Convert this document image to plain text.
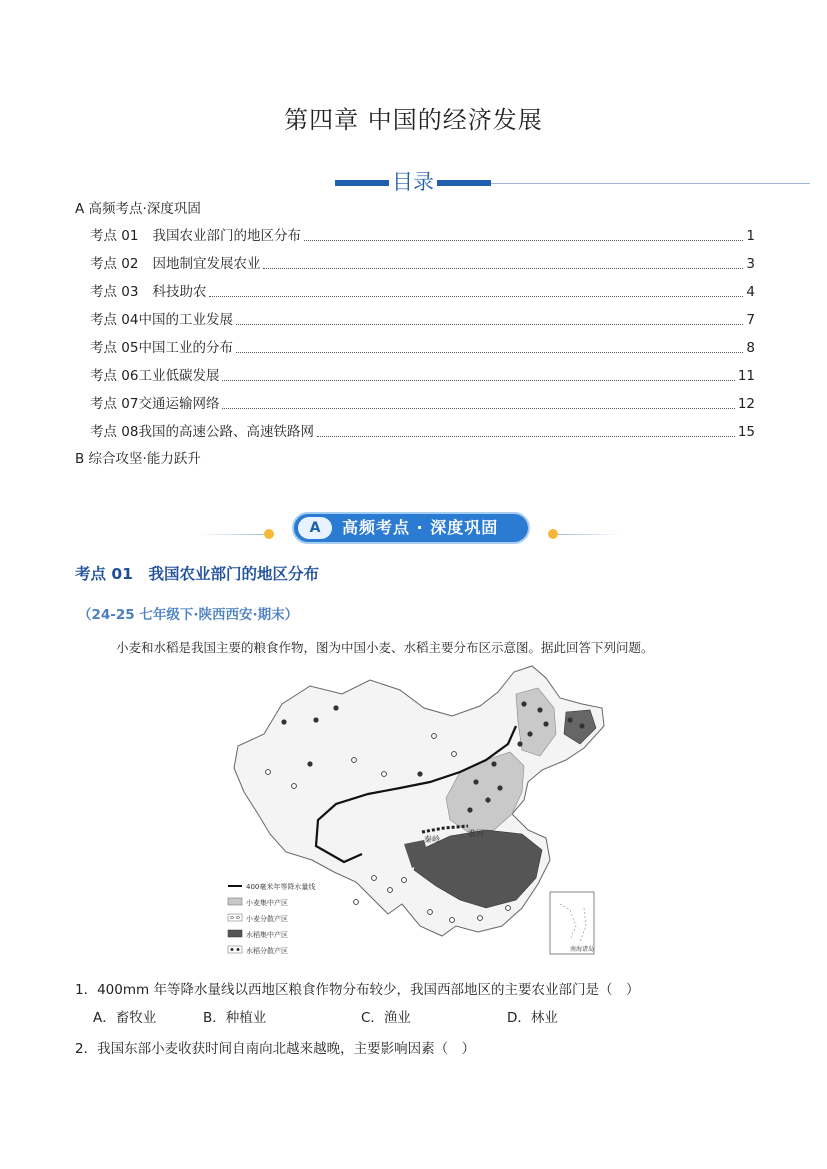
第四章 中国的经济发展
目录
A 高频考点·深度巩固
考点 01 我国农业部门的地区分布	1
考点 02 因地制宜发展农业	3
考点 03 科技助农	4
考点 04 中国的工业发展	7
考点 05 中国工业的分布	8
考点 06 工业低碳发展	11
考点 07 交通运输网络	12
考点 08 我国的高速公路、高速铁路网	15
B 综合攻坚·能力跃升
A	高频考点 · 深度巩固
考点 01　我国农业部门的地区分布
（24-25 七年级下·陕西西安·期末）
小麦和水稻是我国主要的粮食作物，图为中国小麦、水稻主要分布区示意图。据此回答下列问题。
秦岭
淮河
400毫米年等降水量线
小麦集中产区
小麦分散产区
水稻集中产区
水稻分散产区	南海诸岛
1．400mm 年等降水量线以西地区粮食作物分布较少，我国西部地区的主要农业部门是（　）
A．畜牧业	B．种植业	C．渔业	D．林业
2．我国东部小麦收获时间自南向北越来越晚，主要影响因素（　）
